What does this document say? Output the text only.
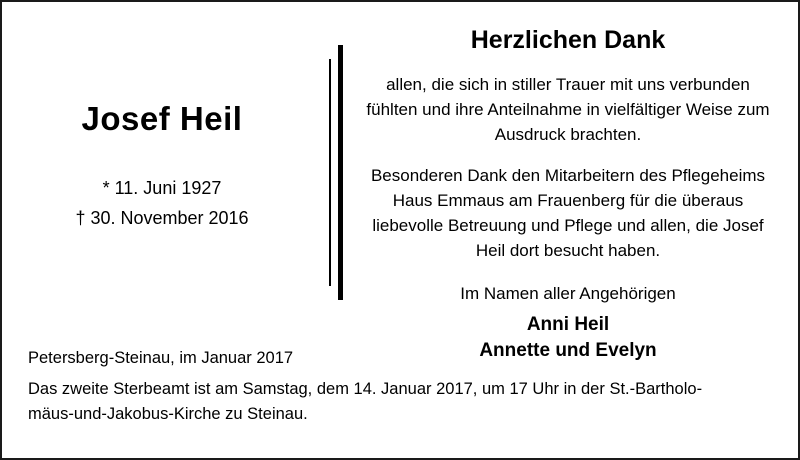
Josef Heil
* 11. Juni 1927
† 30. November 2016
Herzlichen Dank

allen, die sich in stiller Trauer mit uns verbunden fühlten und ihre Anteilnahme in vielfältiger Weise zum Ausdruck brachten.

Besonderen Dank den Mitarbeitern des Pflegeheims Haus Emmaus am Frauenberg für die überaus liebevolle Betreuung und Pflege und allen, die Josef Heil dort besucht haben.

Im Namen aller Angehörigen
Anni Heil
Annette und Evelyn

Petersberg-Steinau, im Januar 2017

Das zweite Sterbeamt ist am Samstag, dem 14. Januar 2017, um 17 Uhr in der St.-Bartholo-

mäus-und-Jakobus-Kirche zu Steinau.
